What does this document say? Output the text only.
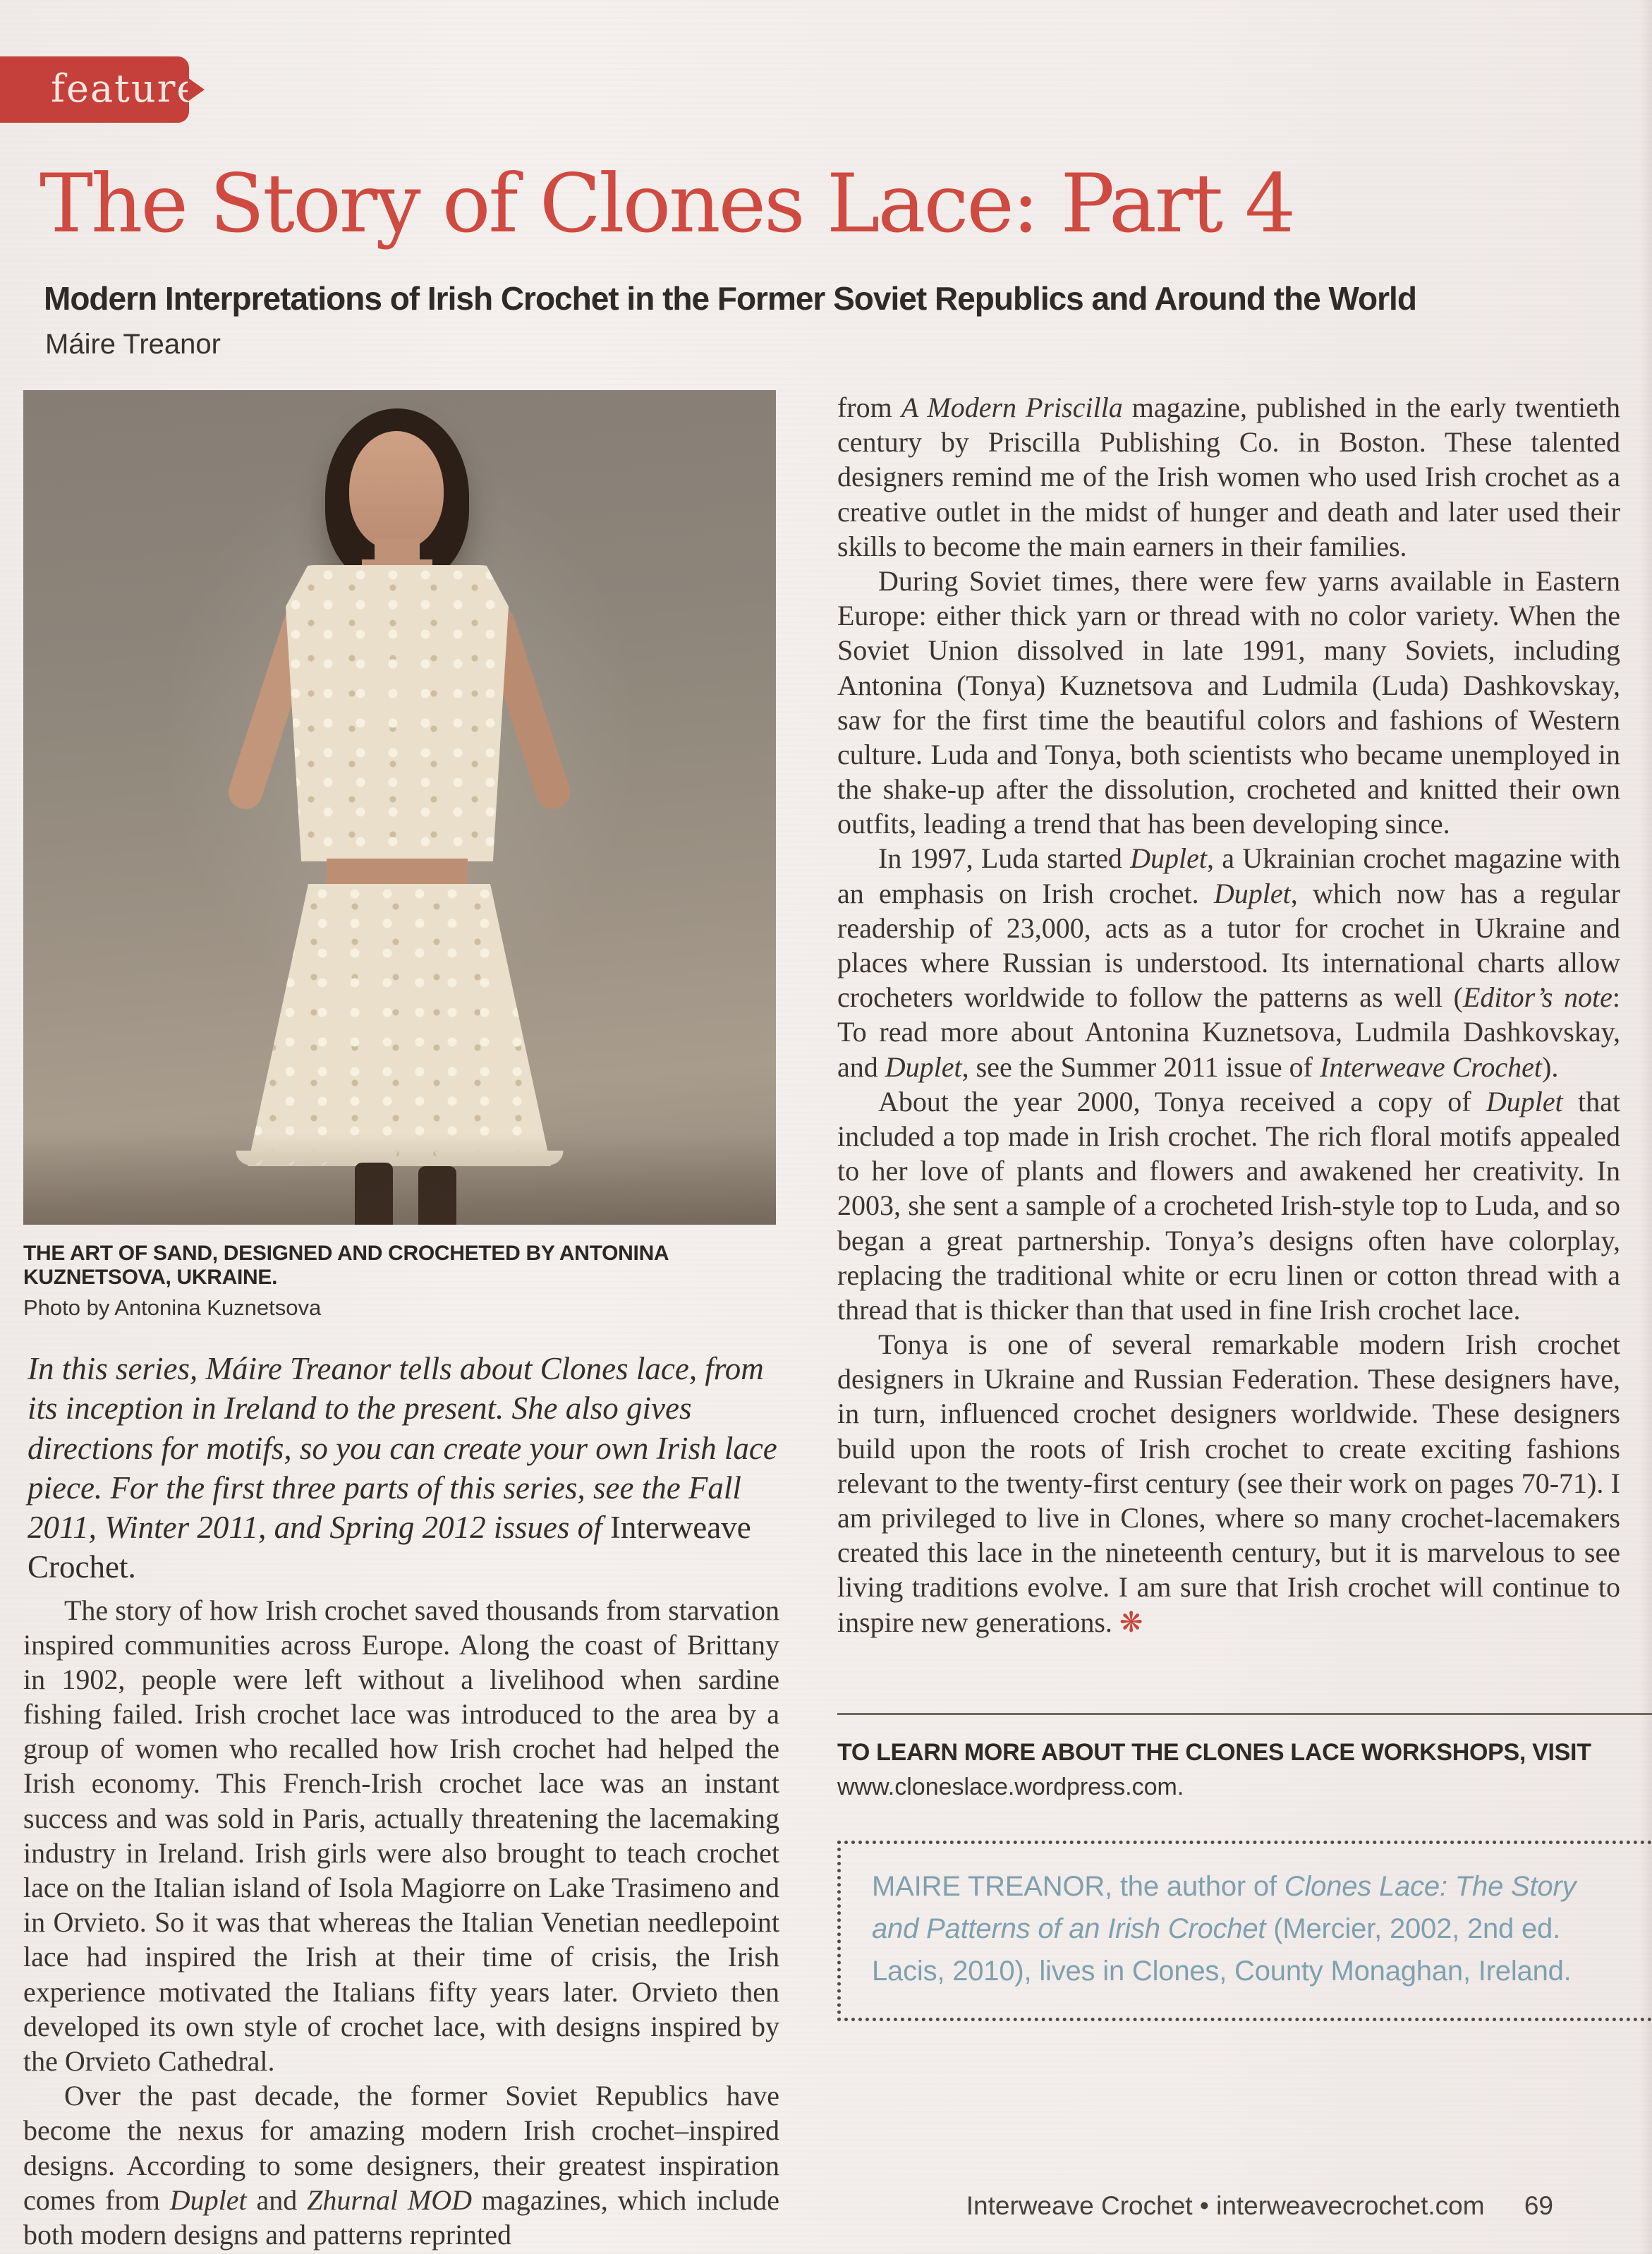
feature
The Story of Clones Lace: Part 4
Modern Interpretations of Irish Crochet in the Former Soviet Republics and Around the World
Máire Treanor

THE ART OF SAND, DESIGNED AND CROCHETED BY ANTONINA KUZNETSOVA, UKRAINE.

Photo by Antonina Kuznetsova

In this series, Máire Treanor tells about Clones lace, from its inception in Ireland to the present. She also gives directions for motifs, so you can create your own Irish lace piece. For the first three parts of this series, see the Fall 2011, Winter 2011, and Spring 2012 issues of Interweave Crochet.

The story of how Irish crochet saved thousands from starvation inspired communities across Europe. Along the coast of Brittany in 1902, people were left without a livelihood when sardine fishing failed. Irish crochet lace was introduced to the area by a group of women who recalled how Irish crochet had helped the Irish economy. This French-Irish crochet lace was an instant success and was sold in Paris, actually threatening the lacemaking industry in Ireland. Irish girls were also brought to teach crochet lace on the Italian island of Isola Magiorre on Lake Trasimeno and in Orvieto. So it was that whereas the Italian Venetian needlepoint lace had inspired the Irish at their time of crisis, the Irish experience motivated the Italians fifty years later. Orvieto then developed its own style of crochet lace, with designs inspired by the Orvieto Cathedral.

Over the past decade, the former Soviet Republics have become the nexus for amazing modern Irish crochet–inspired designs. According to some designers, their greatest inspiration comes from Duplet and Zhurnal MOD magazines, which include both modern designs and patterns reprinted

from A Modern Priscilla magazine, published in the early twentieth century by Priscilla Publishing Co. in Boston. These talented designers remind me of the Irish women who used Irish crochet as a creative outlet in the midst of hunger and death and later used their skills to become the main earners in their families.

During Soviet times, there were few yarns available in Eastern Europe: either thick yarn or thread with no color variety. When the Soviet Union dissolved in late 1991, many Soviets, including Antonina (Tonya) Kuznetsova and Ludmila (Luda) Dashkovskay, saw for the first time the beautiful colors and fashions of Western culture. Luda and Tonya, both scientists who became unemployed in the shake-up after the dissolution, crocheted and knitted their own outfits, leading a trend that has been developing since.

In 1997, Luda started Duplet, a Ukrainian crochet magazine with an emphasis on Irish crochet. Duplet, which now has a regular readership of 23,000, acts as a tutor for crochet in Ukraine and places where Russian is understood. Its international charts allow crocheters worldwide to follow the patterns as well (Editor’s note: To read more about Antonina Kuznetsova, Ludmila Dashkovskay, and Duplet, see the Summer 2011 issue of Interweave Crochet).

About the year 2000, Tonya received a copy of Duplet that included a top made in Irish crochet. The rich floral motifs appealed to her love of plants and flowers and awakened her creativity. In 2003, she sent a sample of a crocheted Irish-style top to Luda, and so began a great partnership. Tonya’s designs often have colorplay, replacing the traditional white or ecru linen or cotton thread with a thread that is thicker than that used in fine Irish crochet lace.

Tonya is one of several remarkable modern Irish crochet designers in Ukraine and Russian Federation. These designers have, in turn, influenced crochet designers worldwide. These designers build upon the roots of Irish crochet to create exciting fashions relevant to the twenty-first century (see their work on pages 70-71). I am privileged to live in Clones, where so many crochet-lacemakers created this lace in the nineteenth century, but it is marvelous to see living traditions evolve. I am sure that Irish crochet will continue to inspire new generations. ❋

TO LEARN MORE ABOUT THE CLONES LACE WORKSHOPS, VISIT

www.cloneslace.wordpress.com.

MAIRE TREANOR, the author of Clones Lace: The Story and Patterns of an Irish Crochet (Mercier, 2002, 2nd ed. Lacis, 2010), lives in Clones, County Monaghan, Ireland.

Interweave Crochet • interweavecrochet.com 69
